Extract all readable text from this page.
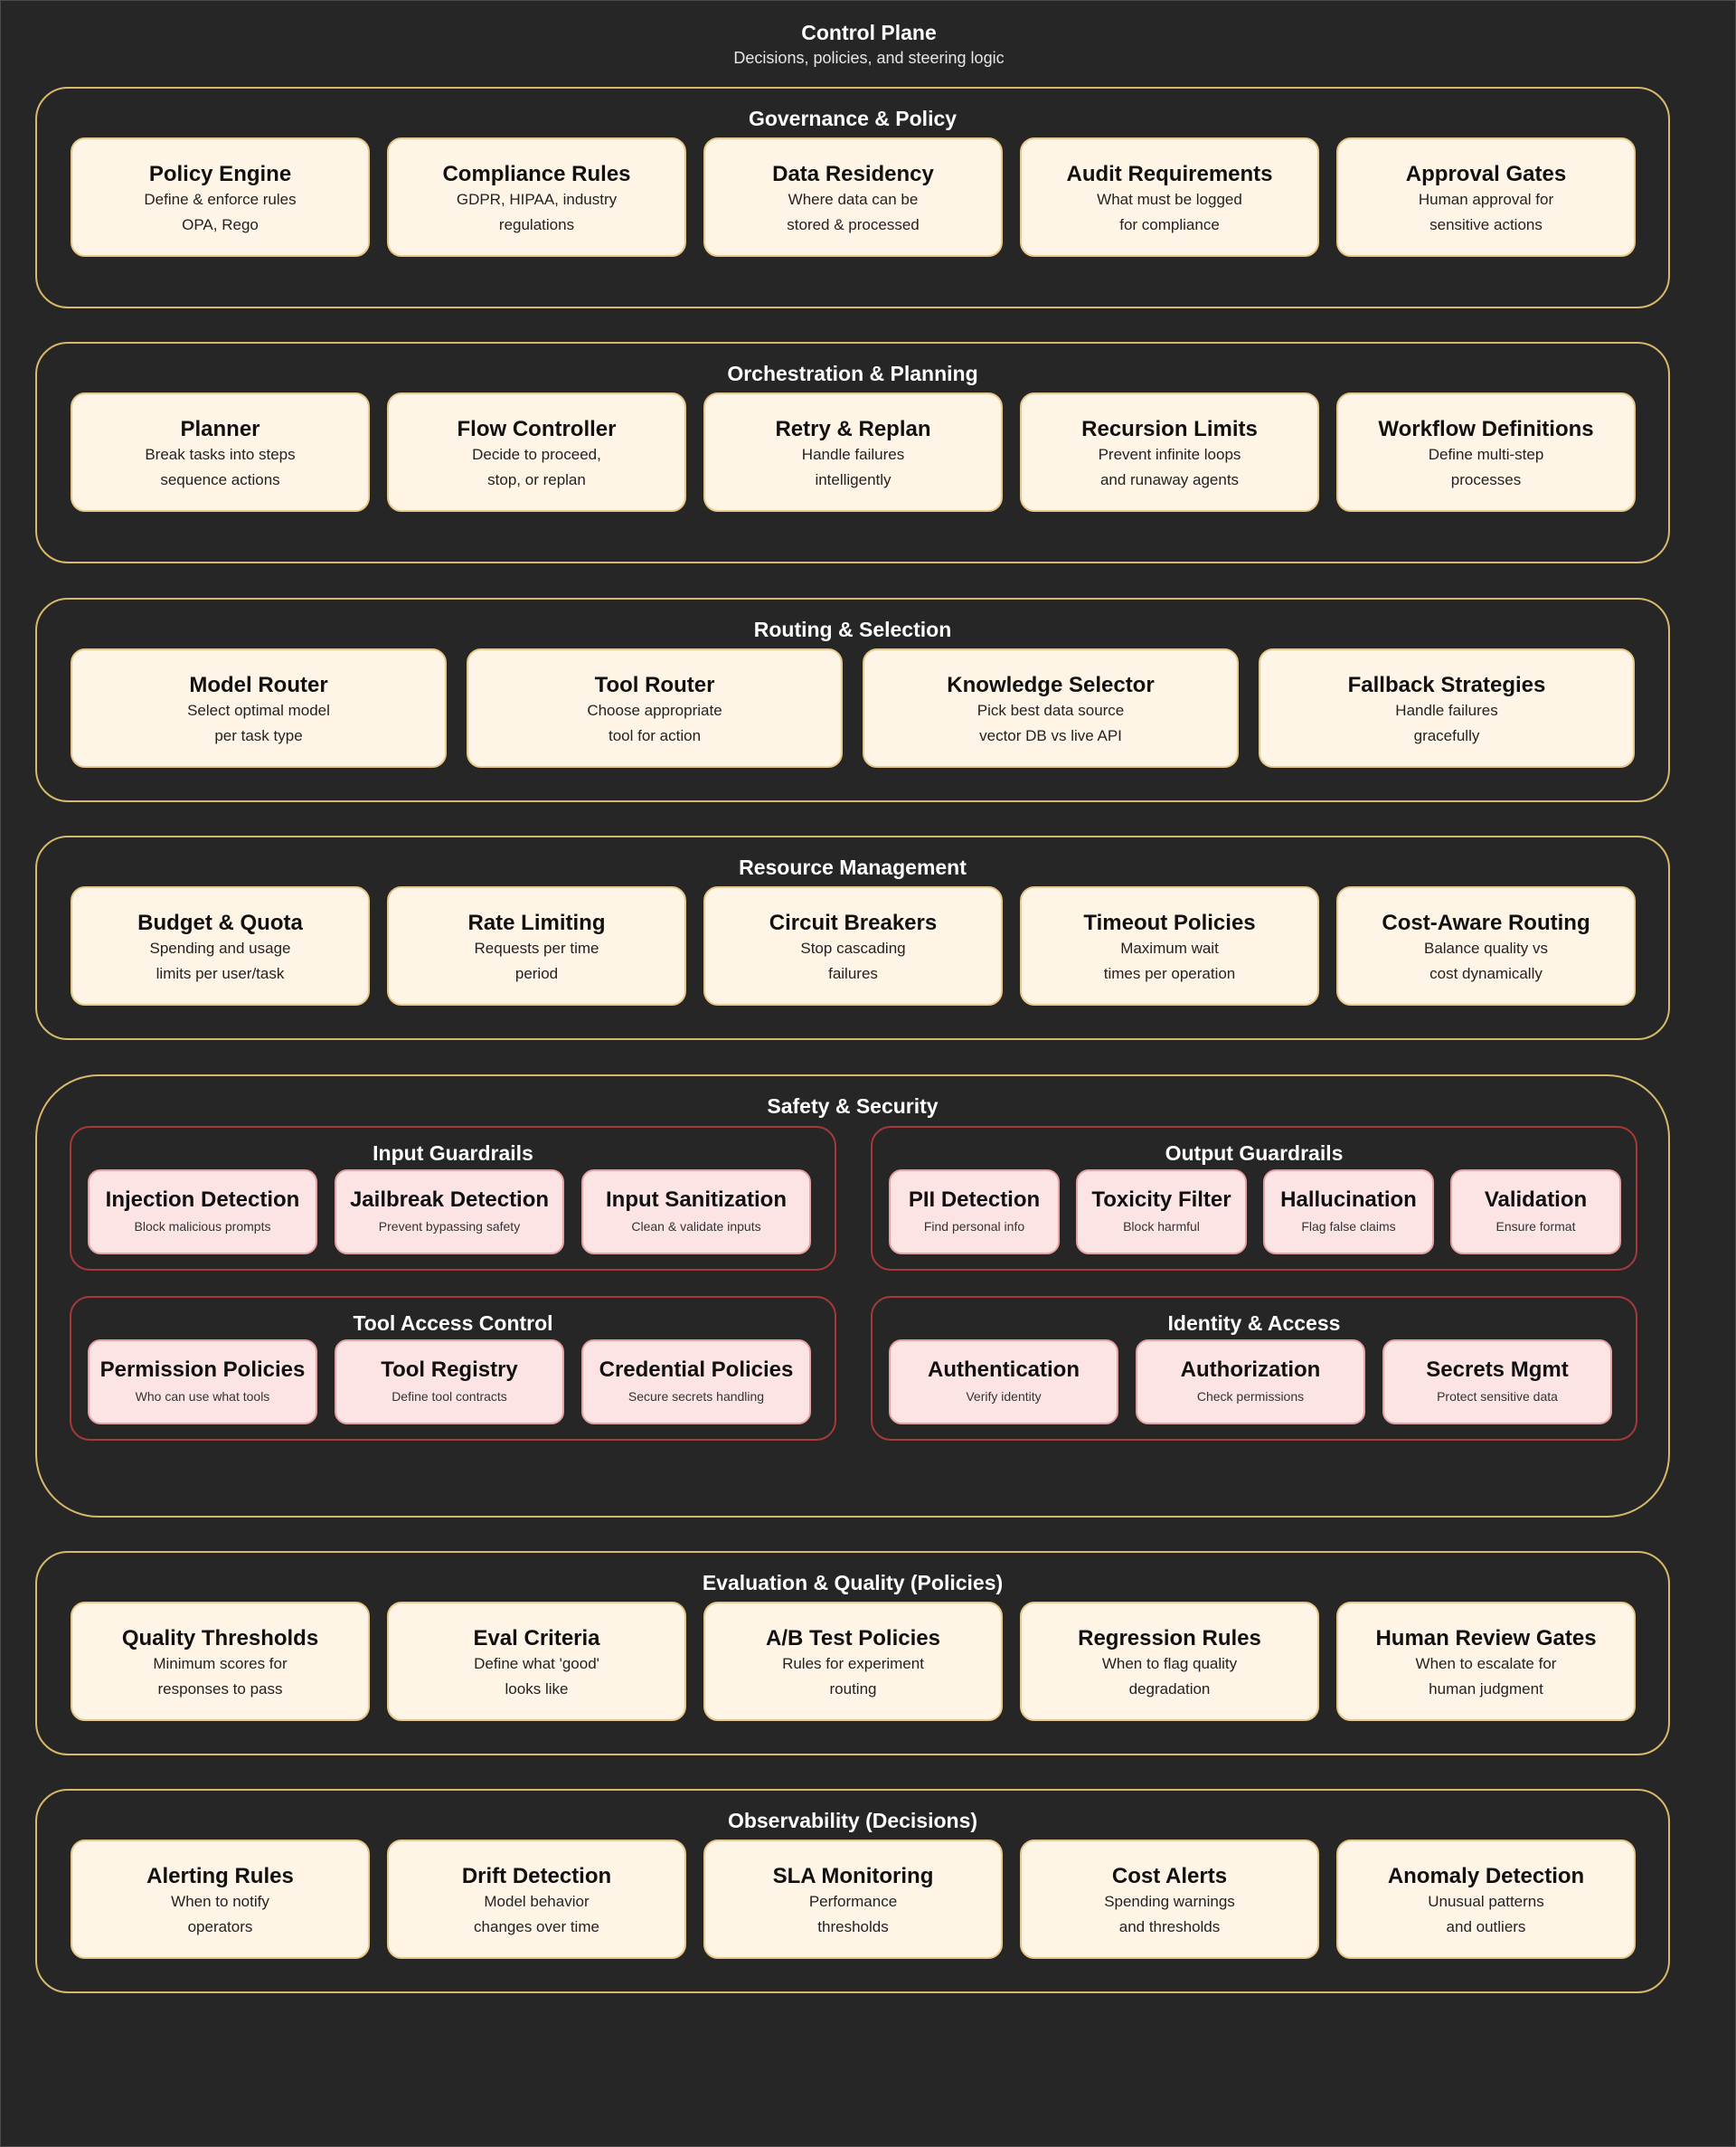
Control Plane
Decisions, policies, and steering logic
Governance & Policy
Policy Engine
Define & enforce rules
OPA, Rego
Compliance Rules
GDPR, HIPAA, industry
regulations
Data Residency
Where data can be
stored & processed
Audit Requirements
What must be logged
for compliance
Approval Gates
Human approval for
sensitive actions
Orchestration & Planning
Planner
Break tasks into steps
sequence actions
Flow Controller
Decide to proceed,
stop, or replan
Retry & Replan
Handle failures
intelligently
Recursion Limits
Prevent infinite loops
and runaway agents
Workflow Definitions
Define multi-step
processes
Routing & Selection
Model Router
Select optimal model
per task type
Tool Router
Choose appropriate
tool for action
Knowledge Selector
Pick best data source
vector DB vs live API
Fallback Strategies
Handle failures
gracefully
Resource Management
Budget & Quota
Spending and usage
limits per user/task
Rate Limiting
Requests per time
period
Circuit Breakers
Stop cascading
failures
Timeout Policies
Maximum wait
times per operation
Cost-Aware Routing
Balance quality vs
cost dynamically
Safety & Security
Input Guardrails
Injection Detection
Block malicious prompts
Jailbreak Detection
Prevent bypassing safety
Input Sanitization
Clean & validate inputs
Output Guardrails
PII Detection
Find personal info
Toxicity Filter
Block harmful
Hallucination
Flag false claims
Validation
Ensure format
Tool Access Control
Permission Policies
Who can use what tools
Tool Registry
Define tool contracts
Credential Policies
Secure secrets handling
Identity & Access
Authentication
Verify identity
Authorization
Check permissions
Secrets Mgmt
Protect sensitive data
Evaluation & Quality (Policies)
Quality Thresholds
Minimum scores for
responses to pass
Eval Criteria
Define what 'good'
looks like
A/B Test Policies
Rules for experiment
routing
Regression Rules
When to flag quality
degradation
Human Review Gates
When to escalate for
human judgment
Observability (Decisions)
Alerting Rules
When to notify
operators
Drift Detection
Model behavior
changes over time
SLA Monitoring
Performance
thresholds
Cost Alerts
Spending warnings
and thresholds
Anomaly Detection
Unusual patterns
and outliers
